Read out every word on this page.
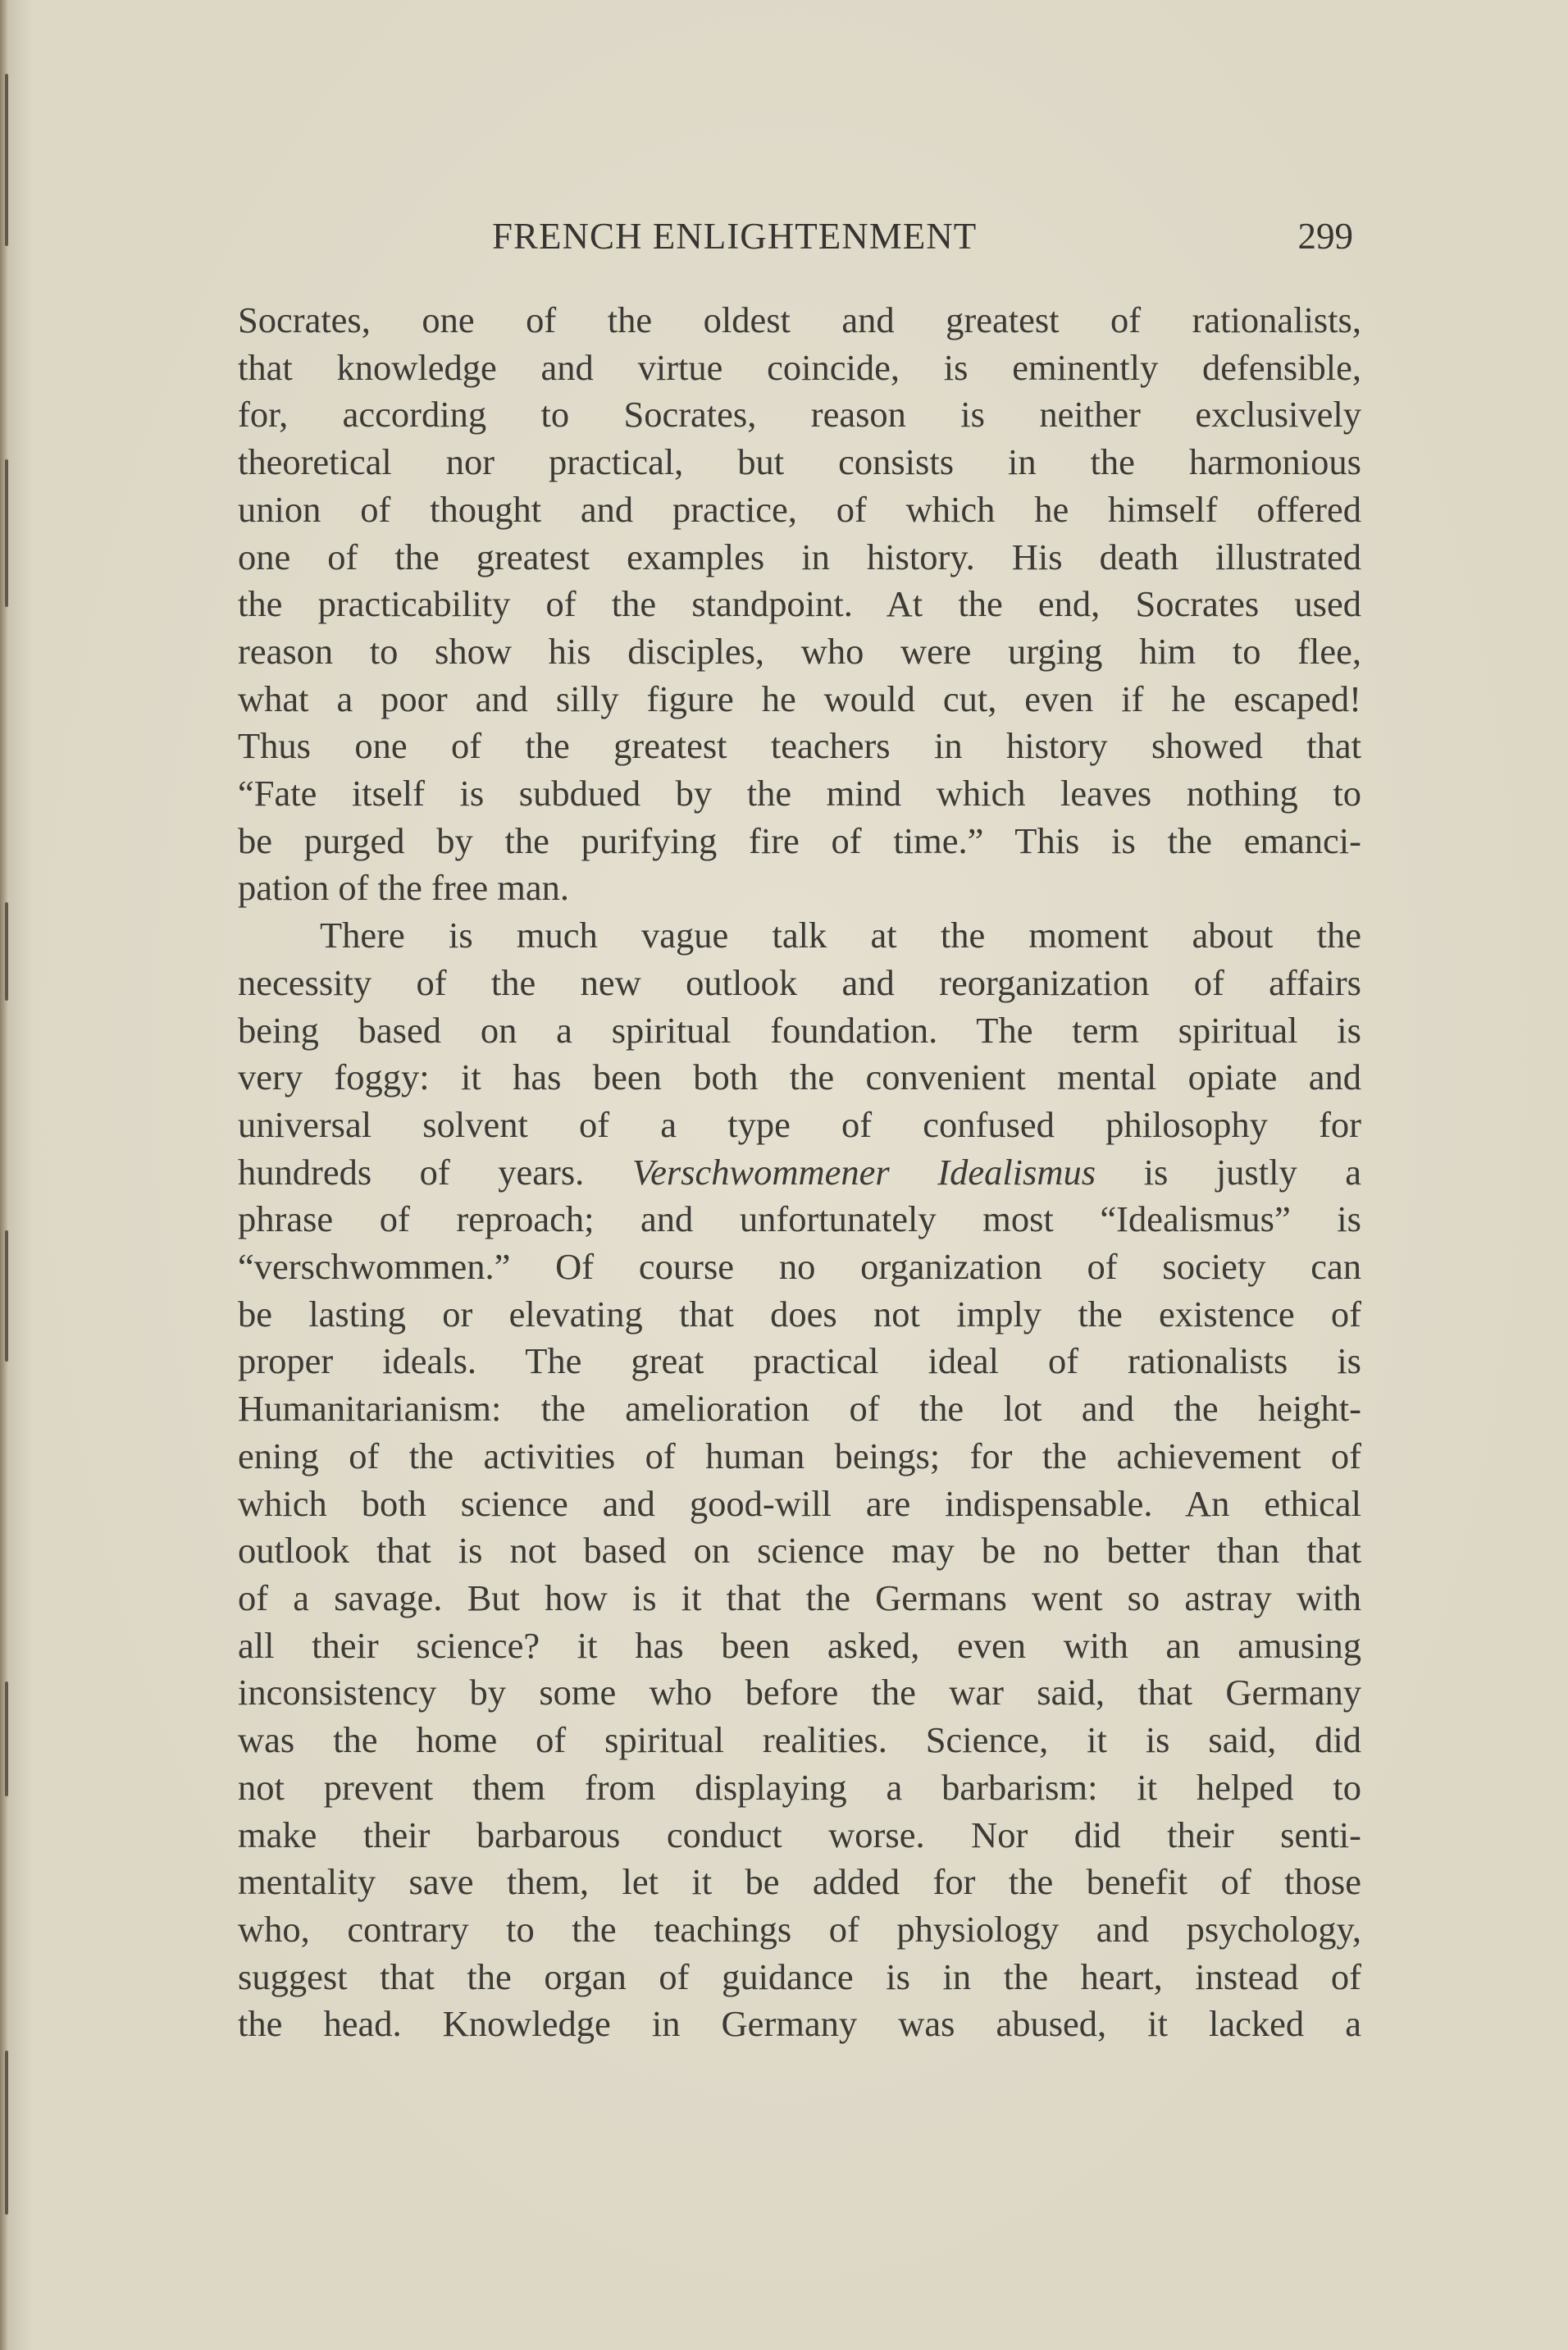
FRENCH ENLIGHTENMENT	299
Socrates, one of the oldest and greatest of rationalists,
that knowledge and virtue coincide, is eminently defensible,
for, according to Socrates, reason is neither exclusively
theoretical nor practical, but consists in the harmonious
union of thought and practice, of which he himself offered
one of the greatest examples in history. His death illustrated
the practicability of the standpoint. At the end, Socrates used
reason to show his disciples, who were urging him to flee,
what a poor and silly figure he would cut, even if he escaped!
Thus one of the greatest teachers in history showed that
“Fate itself is subdued by the mind which leaves nothing to
be purged by the purifying fire of time.” This is the emanci-
pation of the free man.
There is much vague talk at the moment about the
necessity of the new outlook and reorganization of affairs
being based on a spiritual foundation. The term spiritual is
very foggy: it has been both the convenient mental opiate and
universal solvent of a type of confused philosophy for
hundreds of years. Verschwommener Idealismus is justly a
phrase of reproach; and unfortunately most “Idealismus” is
“verschwommen.” Of course no organization of society can
be lasting or elevating that does not imply the existence of
proper ideals. The great practical ideal of rationalists is
Humanitarianism: the amelioration of the lot and the height-
ening of the activities of human beings; for the achievement of
which both science and good-will are indispensable. An ethical
outlook that is not based on science may be no better than that
of a savage. But how is it that the Germans went so astray with
all their science? it has been asked, even with an amusing
inconsistency by some who before the war said, that Germany
was the home of spiritual realities. Science, it is said, did
not prevent them from displaying a barbarism: it helped to
make their barbarous conduct worse. Nor did their senti-
mentality save them, let it be added for the benefit of those
who, contrary to the teachings of physiology and psychology,
suggest that the organ of guidance is in the heart, instead of
the head. Knowledge in Germany was abused, it lacked a
